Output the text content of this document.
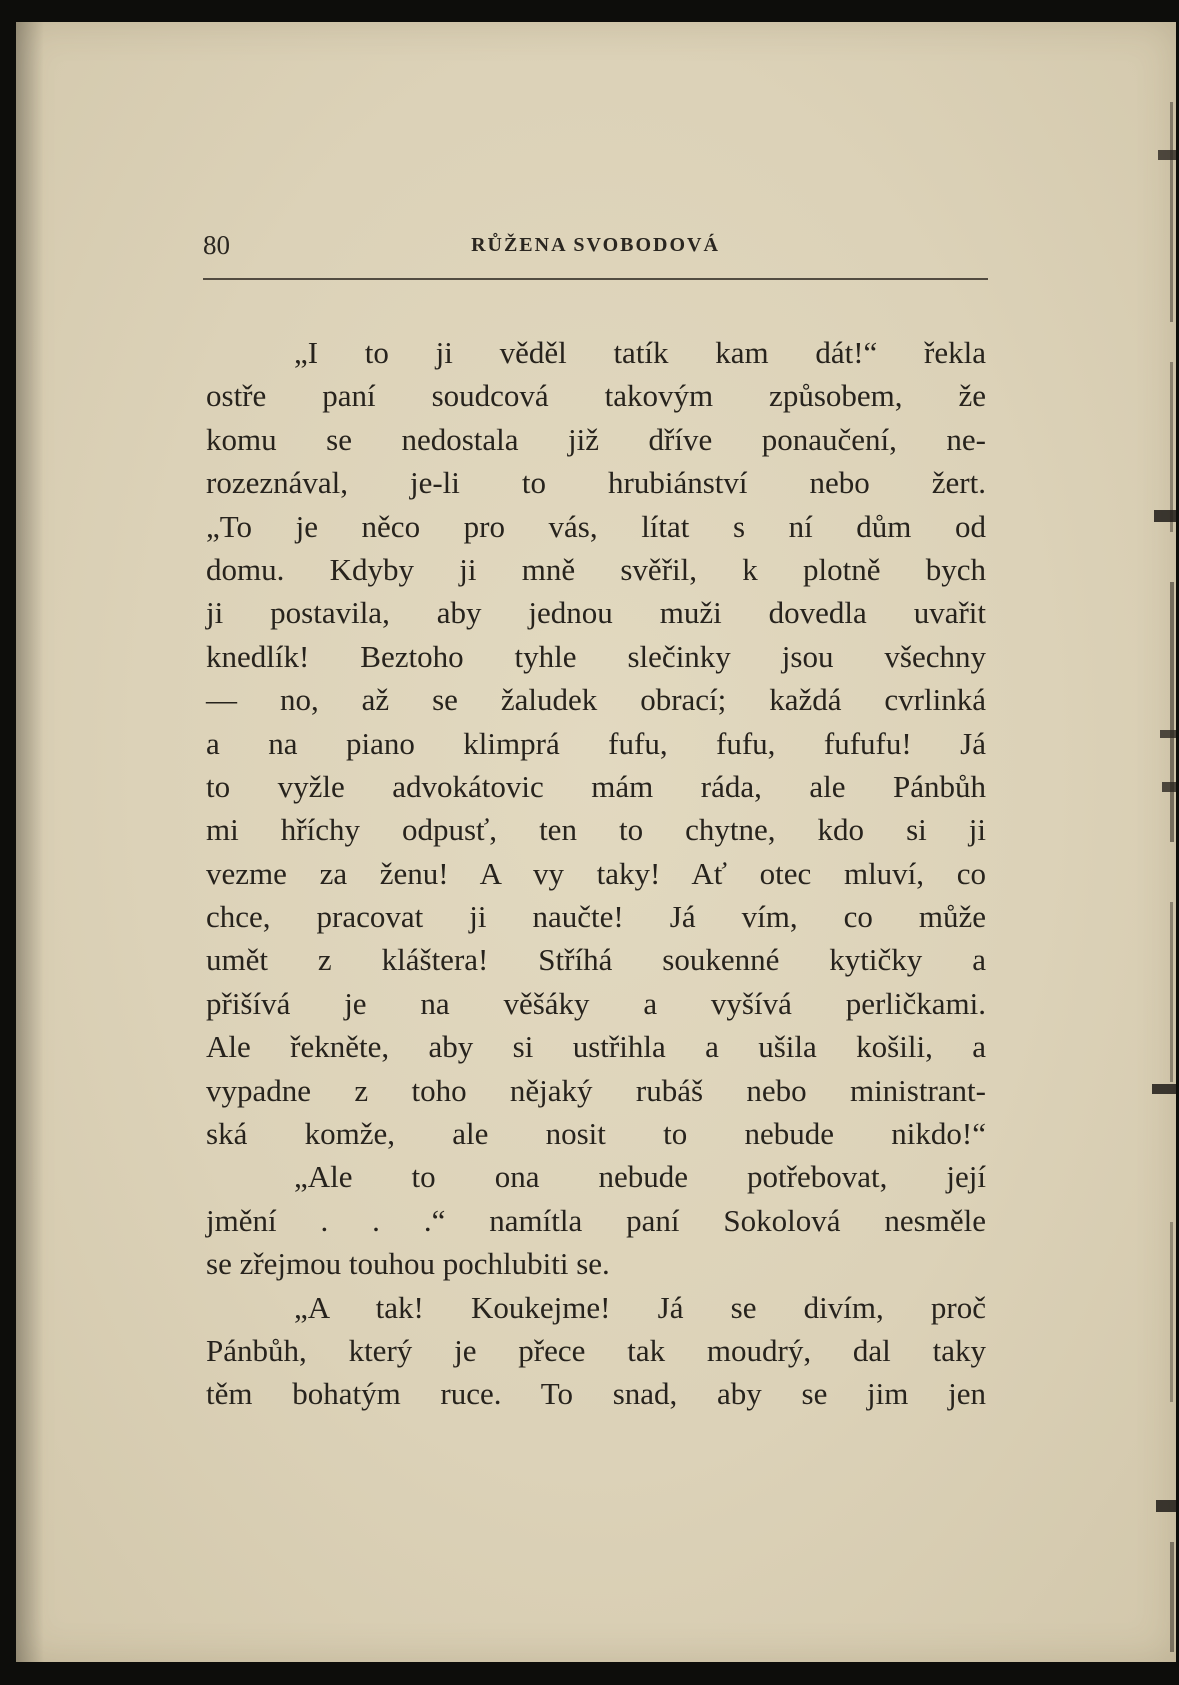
80	RŮŽENA SVOBODOVÁ
„I to ji věděl tatík kam dát!“ řekla
ostře paní soudcová takovým způsobem, že
komu se nedostala již dříve ponaučení, ne-
rozeznával, je-li to hrubiánství nebo žert.
„To je něco pro vás, lítat s ní dům od
domu. Kdyby ji mně svěřil, k plotně bych
ji postavila, aby jednou muži dovedla uvařit
knedlík! Beztoho tyhle slečinky jsou všechny
— no, až se žaludek obrací; každá cvrlinká
a na piano klimprá fufu, fufu, fufufu! Já
to vyžle advokátovic mám ráda, ale Pánbůh
mi hříchy odpusť, ten to chytne, kdo si ji
vezme za ženu! A vy taky! Ať otec mluví, co
chce, pracovat ji naučte! Já vím, co může
umět z kláštera! Stříhá soukenné kytičky a
přišívá je na věšáky a vyšívá perličkami.
Ale řekněte, aby si ustřihla a ušila košili, a
vypadne z toho nějaký rubáš nebo ministrant-
ská komže, ale nosit to nebude nikdo!“
„Ale to ona nebude potřebovat, její
jmění . . .“ namítla paní Sokolová nesměle
se zřejmou touhou pochlubiti se.
„A tak! Koukejme! Já se divím, proč
Pánbůh, který je přece tak moudrý, dal taky
těm bohatým ruce. To snad, aby se jim jen
